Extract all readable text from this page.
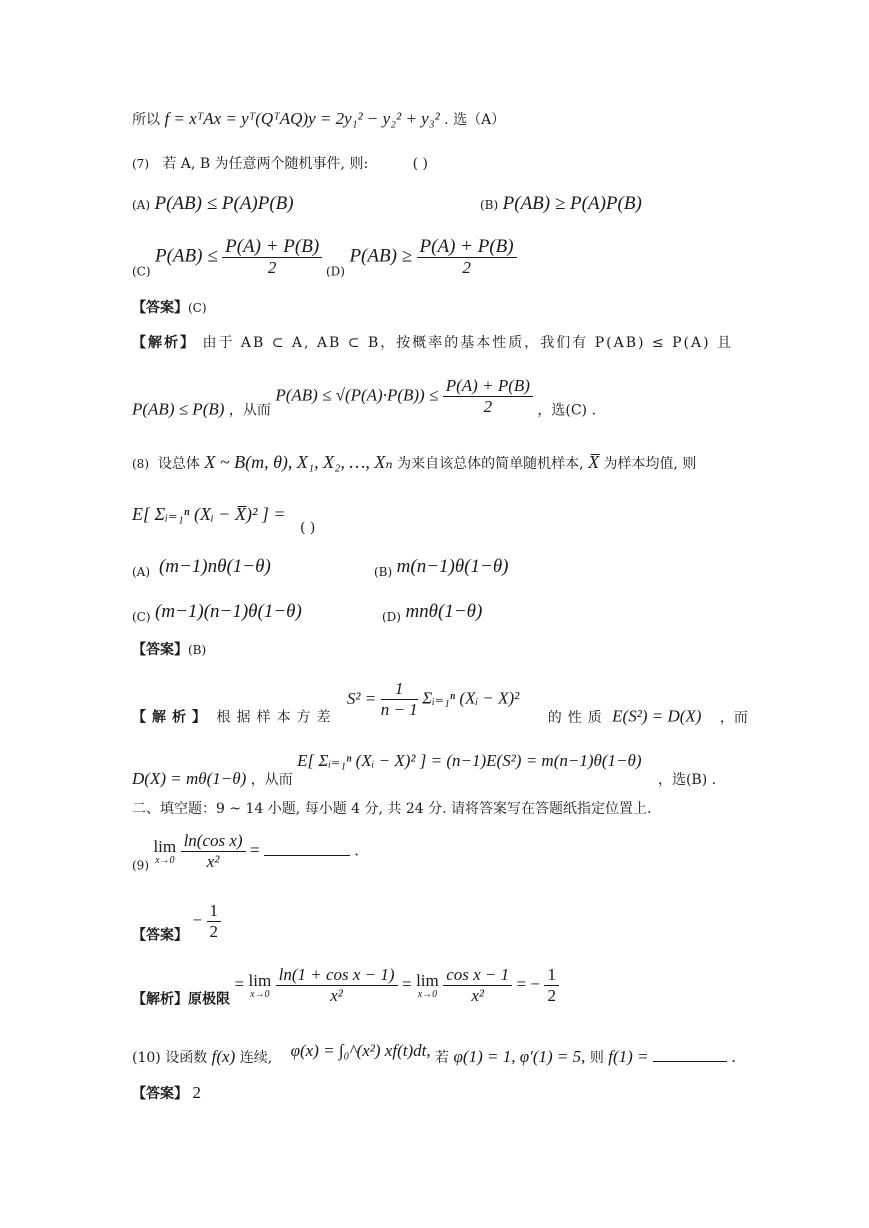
所以 f = xᵀAx = yᵀ(QᵀAQ)y = 2y₁² − y₂² + y₃² . 选（A）
(7) 若 A, B 为任意两个随机事件, 则:	( )
(A) P(AB) ≤ P(A)P(B)	(B) P(AB) ≥ P(A)P(B)
(C) $P(AB) \le \frac{P(A) + P(B)}{2} (D) P(AB) \ge \frac{P(A) + P(B)}{2}$
【答案】(C)
【解析】 由于 AB ⊂ A, AB ⊂ B，按概率的基本性质，我们有 P(AB) ≤ P(A) 且
P(AB) ≤ P(B) ，从而 $P(AB) \le √(P(A)\cdot P(B)) \le \frac{P(A) + P(B)}{2}$ ，选(C) .
(8) 设总体 X ~ B(m, θ), X₁, X₂, …, Xₙ 为来自该总体的简单随机样本, X̅ 为样本均值, 则
E[ Σᵢ₌₁ⁿ (Xᵢ − X̅)² ] = ( )
(A) (m−1)nθ(1−θ)	(B) m(n−1)θ(1−θ)
(C) (m−1)(n−1)θ(1−θ)	(D) mnθ(1−θ)
【答案】(B)
【解析】 根据样本方差 $S^2 = \frac{1}{n - 1}$ Σᵢ₌₁ⁿ (Xᵢ − X)² 的性质 E(S²) = D(X) ，而
D(X) = mθ(1−θ) ，从而 E[ Σᵢ₌₁ⁿ (Xᵢ − X)² ] = (n−1)E(S²) = m(n−1)θ(1−θ) ，选(B) .
二、填空题：9 ~ 14 小题, 每小题 4 分, 共 24 分. 请将答案写在答题纸指定位置上.
(9)
lim
x→0
$\frac{\text{ln(cos x)}}{\text{x²}}$ =	.
【答案】 − $\frac{1}{2}$
【解析】原极限 = lim
x→0
$\frac{\text{ln(1 + cos x − 1)}}{\text{x²}} = \lim$
x→0
$\frac{\text{cos x − 1}}{\text{x²}}$ = − $\frac{1}{2}$
(10) 设函数 f(x) 连续, φ(x) = ∫₀^(x²) xf(t)dt, 若 φ(1) = 1, φ′(1) = 5, 则 f(1) =	.
【答案】 2
